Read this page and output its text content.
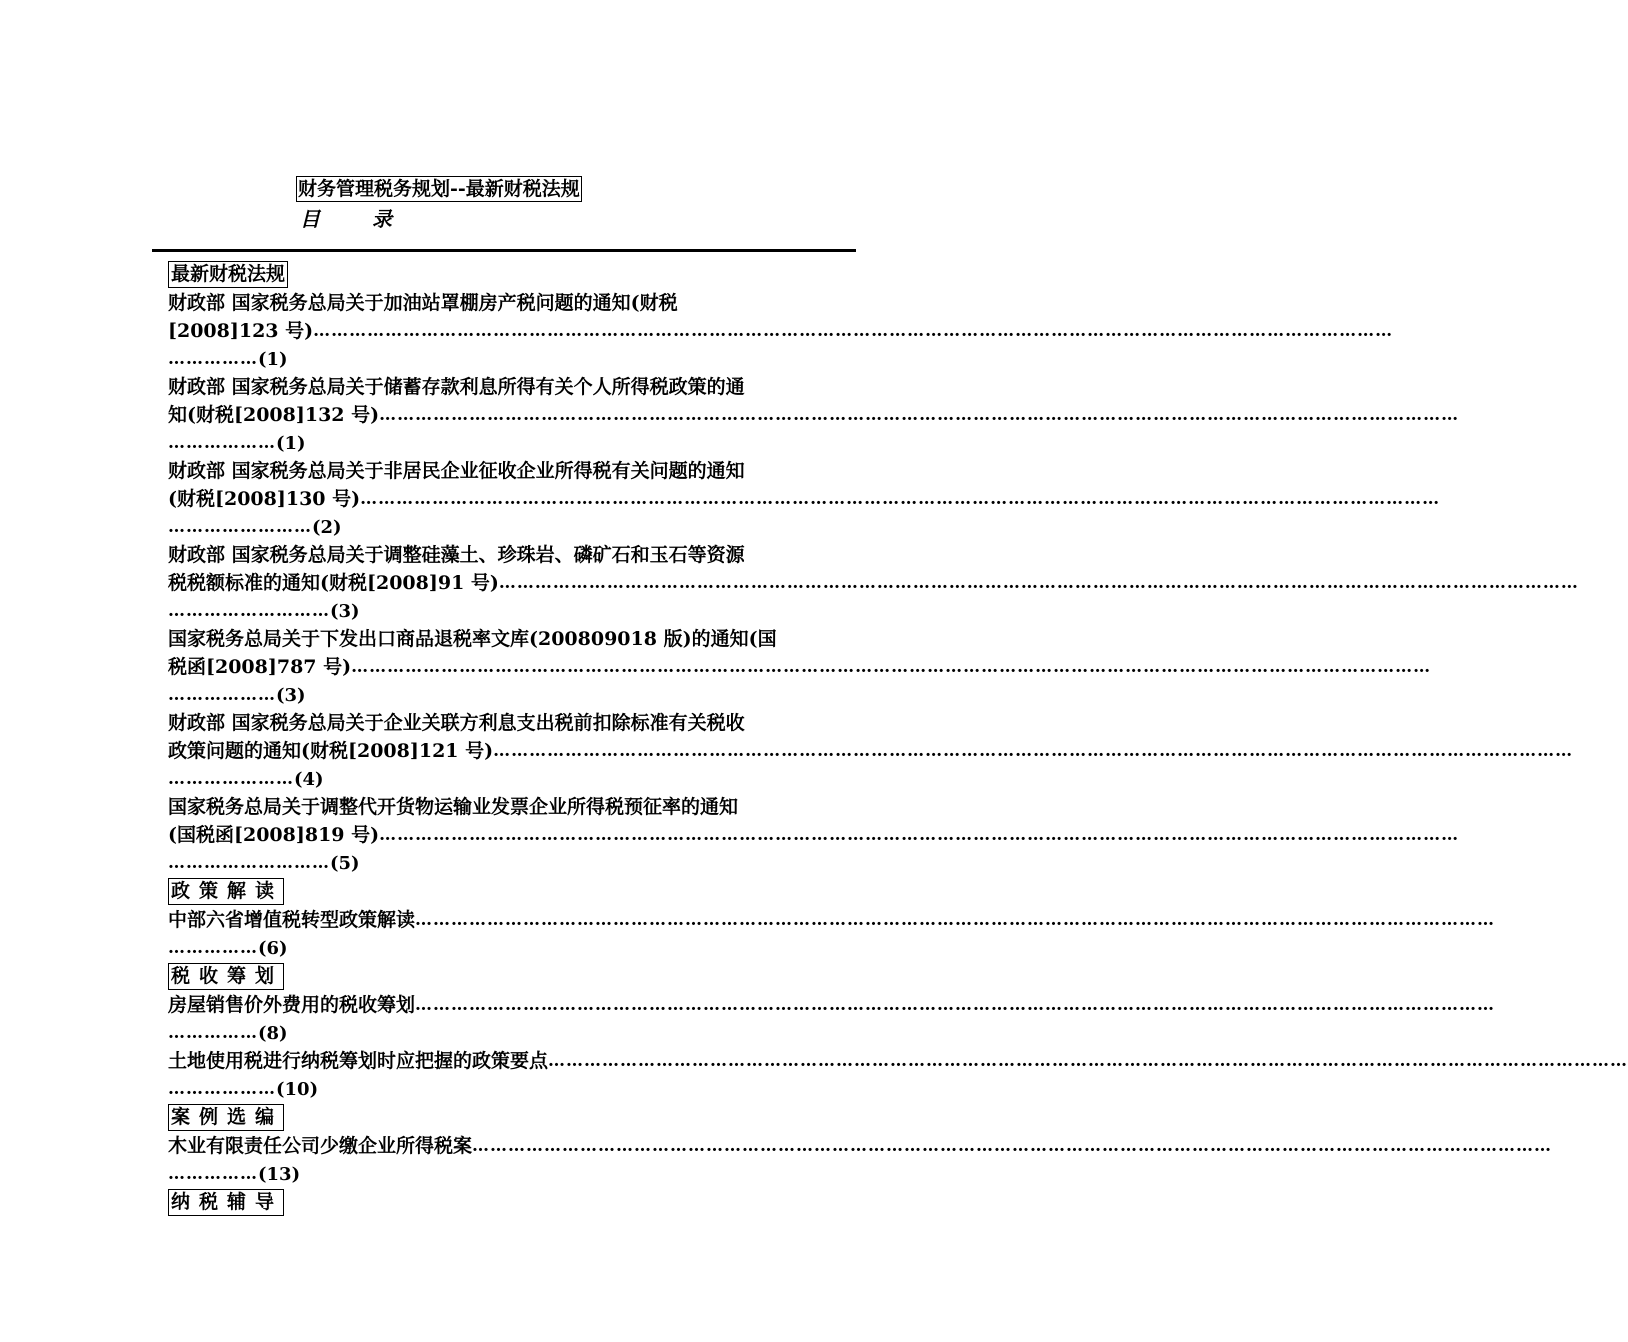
财务管理税务规划--最新财税法规
目	录
最新财税法规
财政部 国家税务总局关于加油站罩棚房产税问题的通知(财税
[2008]123 号)………………………………………………………………………………………………………………………………………………………………
……………(1)
财政部 国家税务总局关于储蓄存款利息所得有关个人所得税政策的通
知(财税[2008]132 号)………………………………………………………………………………………………………………………………………………………………
………………(1)
财政部 国家税务总局关于非居民企业征收企业所得税有关问题的通知
(财税[2008]130 号)………………………………………………………………………………………………………………………………………………………………
……………………(2)
财政部 国家税务总局关于调整硅藻土、珍珠岩、磷矿石和玉石等资源
税税额标准的通知(财税[2008]91 号)………………………………………………………………………………………………………………………………………………………………
………………………(3)
国家税务总局关于下发出口商品退税率文库(200809018 版)的通知(国
税函[2008]787 号)………………………………………………………………………………………………………………………………………………………………
………………(3)
财政部 国家税务总局关于企业关联方利息支出税前扣除标准有关税收
政策问题的通知(财税[2008]121 号)………………………………………………………………………………………………………………………………………………………………
…………………(4)
国家税务总局关于调整代开货物运输业发票企业所得税预征率的通知
(国税函[2008]819 号)………………………………………………………………………………………………………………………………………………………………
………………………(5)
政策解读
中部六省增值税转型政策解读………………………………………………………………………………………………………………………………………………………………
……………(6)
税收筹划
房屋销售价外费用的税收筹划………………………………………………………………………………………………………………………………………………………………
……………(8)
土地使用税进行纳税筹划时应把握的政策要点………………………………………………………………………………………………………………………………………………………………
………………(10)
案例选编
木业有限责任公司少缴企业所得税案………………………………………………………………………………………………………………………………………………………………
……………(13)
纳税辅导
